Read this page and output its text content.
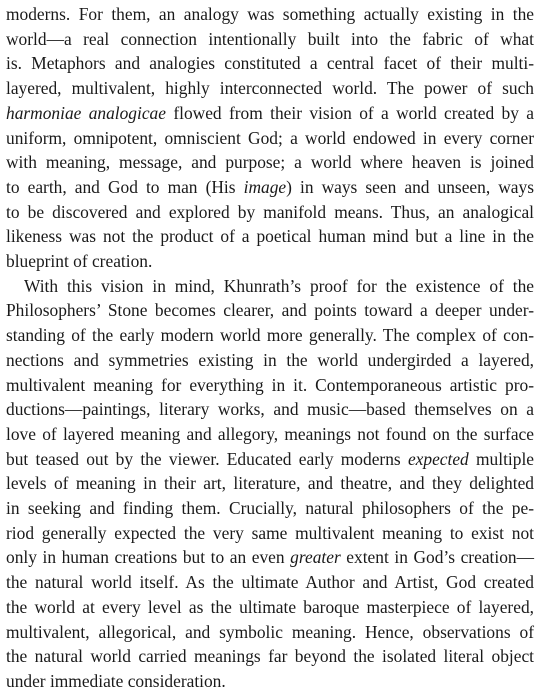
moderns. For them, an analogy was something actually existing in the
world—a real connection intentionally built into the fabric of what
is. Metaphors and analogies constituted a central facet of their multi-
layered, multivalent, highly interconnected world. The power of such
harmoniae analogicae flowed from their vision of a world created by a
uniform, omnipotent, omniscient God; a world endowed in every corner
with meaning, message, and purpose; a world where heaven is joined
to earth, and God to man (His image) in ways seen and unseen, ways
to be discovered and explored by manifold means. Thus, an analogical
likeness was not the product of a poetical human mind but a line in the
blueprint of creation.

With this vision in mind, Khunrath’s proof for the existence of the
Philosophers’ Stone becomes clearer, and points toward a deeper under-
standing of the early modern world more generally. The complex of con-
nections and symmetries existing in the world undergirded a layered,
multivalent meaning for everything in it. Contemporaneous artistic pro-
ductions—paintings, literary works, and music—based themselves on a
love of layered meaning and allegory, meanings not found on the surface
but teased out by the viewer. Educated early moderns expected multiple
levels of meaning in their art, literature, and theatre, and they delighted
in seeking and finding them. Crucially, natural philosophers of the pe-
riod generally expected the very same multivalent meaning to exist not
only in human creations but to an even greater extent in God’s creation—
the natural world itself. As the ultimate Author and Artist, God created
the world at every level as the ultimate baroque masterpiece of layered,
multivalent, allegorical, and symbolic meaning. Hence, observations of
the natural world carried meanings far beyond the isolated literal object
under immediate consideration.
